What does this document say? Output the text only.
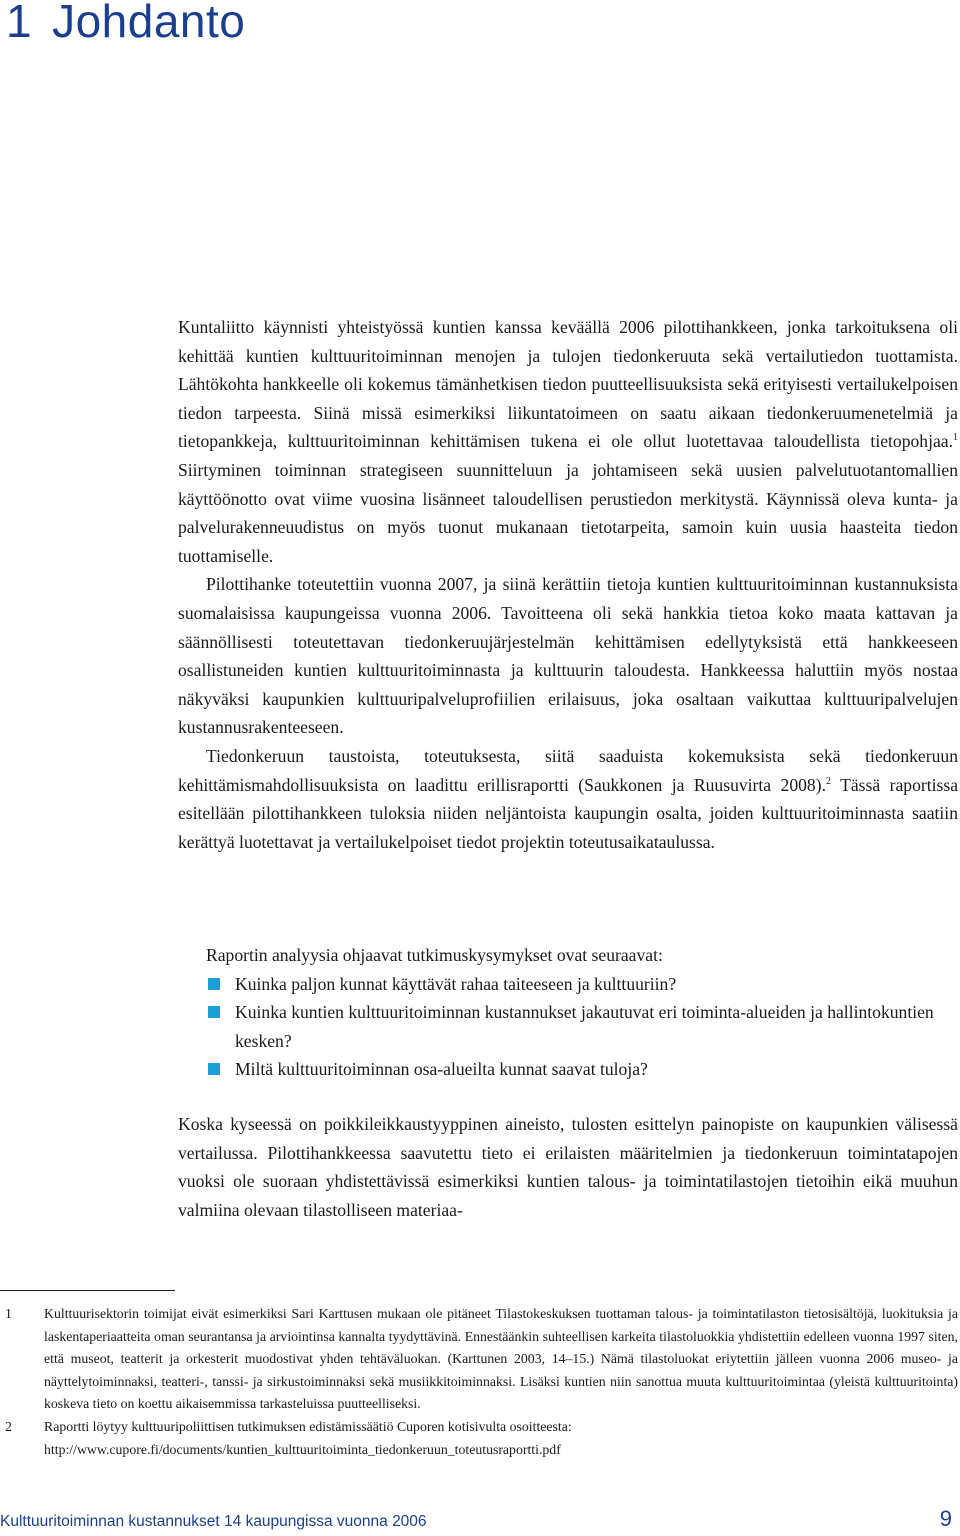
1 Johdanto

Kuntaliitto käynnisti yhteistyössä kuntien kanssa keväällä 2006 pilottihankkeen, jonka tarkoituksena oli kehittää kuntien kulttuuritoiminnan menojen ja tulojen tiedonkeruuta sekä vertailutiedon tuottamista. Lähtökohta hankkeelle oli kokemus tämänhetkisen tiedon puutteellisuuksista sekä erityisesti vertailukelpoisen tiedon tarpeesta. Siinä missä esimerkiksi liikuntatoimeen on saatu aikaan tiedonkeruumenetelmiä ja tietopankkeja, kulttuuritoiminnan kehittämisen tukena ei ole ollut luotettavaa taloudellista tietopohjaa.$^1$ Siirtyminen toiminnan strategiseen suunnitteluun ja johtamiseen sekä uusien palvelutuotantomallien käyttöönotto ovat viime vuosina lisänneet taloudellisen perustiedon merkitystä. Käynnissä oleva kunta- ja palvelurakenneuudistus on myös tuonut mukanaan tietotarpeita, samoin kuin uusia haasteita tiedon tuottamiselle.

Pilottihanke toteutettiin vuonna 2007, ja siinä kerättiin tietoja kuntien kulttuuritoiminnan kustannuksista suomalaisissa kaupungeissa vuonna 2006. Tavoitteena oli sekä hankkia tietoa koko maata kattavan ja säännöllisesti toteutettavan tiedonkeruujärjestelmän kehittämisen edellytyksistä että hankkeeseen osallistuneiden kuntien kulttuuritoiminnasta ja kulttuurin taloudesta. Hankkeessa haluttiin myös nostaa näkyväksi kaupunkien kulttuuripalveluprofiilien erilaisuus, joka osaltaan vaikuttaa kulttuuripalvelujen kustannusrakenteeseen.

Tiedonkeruun taustoista, toteutuksesta, siitä saaduista kokemuksista sekä tiedonkeruun kehittämismahdollisuuksista on laadittu erillisraportti (Saukkonen ja Ruusuvirta 2008).$^2$ Tässä raportissa esitellään pilottihankkeen tuloksia niiden neljäntoista kaupungin osalta, joiden kulttuuritoiminnasta saatiin kerättyä luotettavat ja vertailukelpoiset tiedot projektin toteutusaikataulussa.

Raportin analyysia ohjaavat tutkimuskysymykset ovat seuraavat:

Kuinka paljon kunnat käyttävät rahaa taiteeseen ja kulttuuriin?
Kuinka kuntien kulttuuritoiminnan kustannukset jakautuvat eri toiminta-alueiden ja hallintokuntien kesken?
Miltä kulttuuritoiminnan osa-alueilta kunnat saavat tuloja?

Koska kyseessä on poikkileikkaustyyppinen aineisto, tulosten esittelyn painopiste on kaupunkien välisessä vertailussa. Pilottihankkeessa saavutettu tieto ei erilaisten määritelmien ja tiedonkeruun toimintatapojen vuoksi ole suoraan yhdistettävissä esimerkiksi kuntien talous- ja toimintatilastojen tietoihin eikä muuhun valmiina olevaan tilastolliseen materiaa-

1 Kulttuurisektorin toimijat eivät esimerkiksi Sari Karttusen mukaan ole pitäneet Tilastokeskuksen tuottaman talous- ja toimintatilaston tietosisältöjä, luokituksia ja laskentaperiaatteita oman seurantansa ja arviointinsa kannalta tyydyttävinä. Ennestäänkin suhteellisen karkeita tilastoluokkia yhdistettiin edelleen vuonna 1997 siten, että museot, teatterit ja orkesterit muodostivat yhden tehtäväluokan. (Karttunen 2003, 14–15.) Nämä tilastoluokat eriytettiin jälleen vuonna 2006 museo- ja näyttelytoiminnaksi, teatteri-, tanssi- ja sirkustoiminnaksi sekä musiikkitoiminnaksi. Lisäksi kuntien niin sanottua muuta kulttuuritoimintaa (yleistä kulttuuritointa) koskeva tieto on koettu aikaisemmissa tarkasteluissa puutteelliseksi.
2 Raportti löytyy kulttuuripoliittisen tutkimuksen edistämissäätiö Cuporen kotisivulta osoitteesta:
http://www.cupore.fi/documents/kuntien_kulttuuritoiminta_tiedonkeruun_toteutusraportti.pdf
Kulttuuritoiminnan kustannukset 14 kaupungissa vuonna 2006	9
